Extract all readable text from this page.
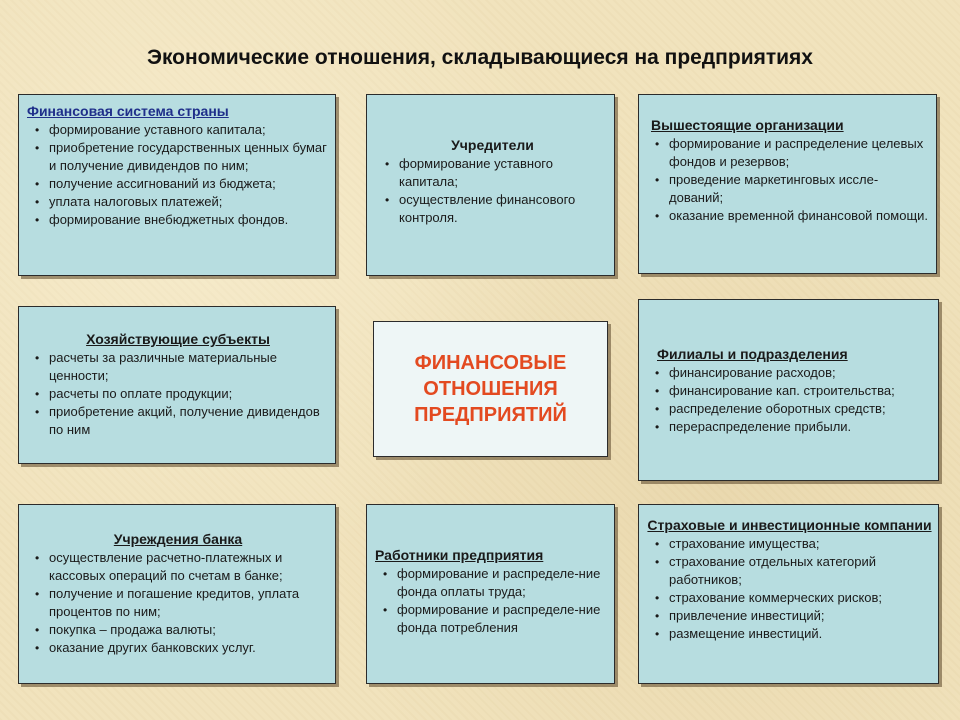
Экономические отношения, складывающиеся на предприятиях
Финансовая система страны
• формирование уставного капитала;
• приобретение государственных ценных бумаг и получение дивидендов по ним;
• получение ассигнований из бюджета;
• уплата налоговых платежей;
• формирование внебюджетных фондов.
Учредители
• формирование уставного капитала;
• осуществление финансового контроля.
Вышестоящие организации
• формирование и распределение целевых фондов и резервов;
• проведение маркетинговых иссле-дований;
• оказание временной финансовой помощи.
Хозяйствующие субъекты
• расчеты за различные материальные ценности;
• расчеты по оплате продукции;
• приобретение акций, получение дивидендов по ним
ФИНАНСОВЫЕ
ОТНОШЕНИЯ
ПРЕДПРИЯТИЙ
Филиалы и подразделения
• финансирование расходов;
• финансирование кап. строительства;
• распределение оборотных средств;
• перераспределение прибыли.
Учреждения банка
• осуществление расчетно-платежных и кассовых операций по счетам в банке;
• получение и погашение кредитов, уплата процентов по ним;
• покупка – продажа валюты;
• оказание других банковских услуг.
Работники предприятия
• формирование и распределе-ние фонда оплаты труда;
• формирование и распределе-ние фонда потребления
Страховые и инвестиционные компании
• страхование имущества;
• страхование отдельных категорий работников;
• страхование коммерческих рисков;
• привлечение инвестиций;
• размещение инвестиций.
